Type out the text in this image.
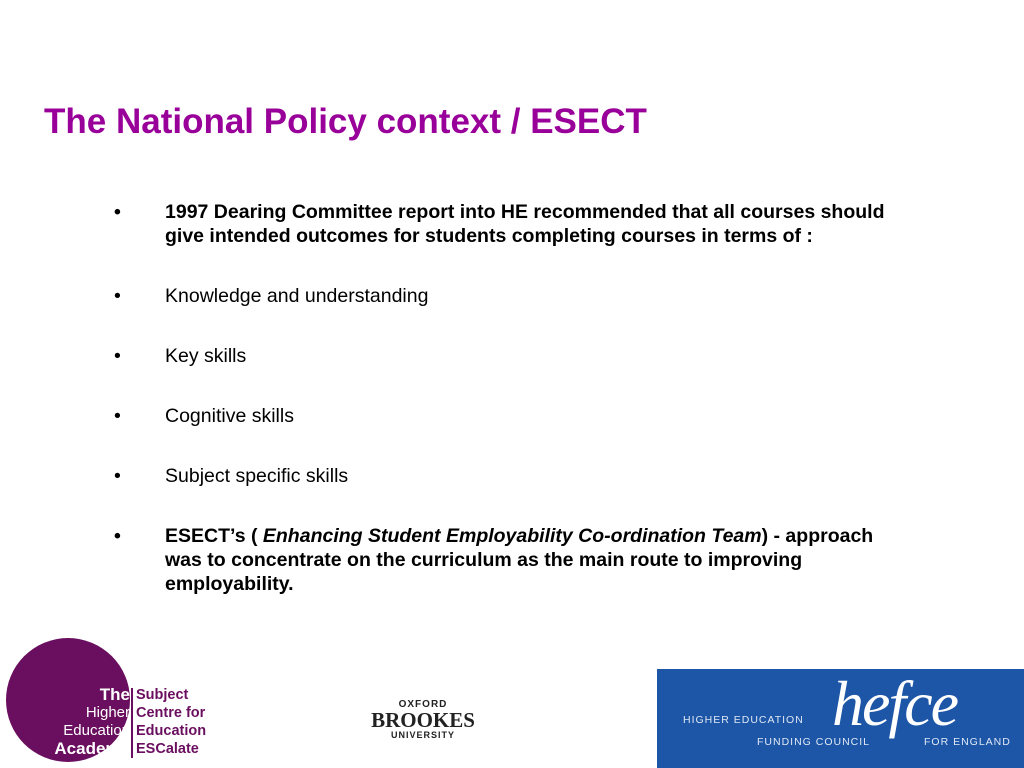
The National Policy context / ESECT
• 1997 Dearing Committee report into HE recommended that all courses should give intended outcomes for students completing courses in terms of :
• Knowledge and understanding
• Key skills
• Cognitive skills
• Subject specific skills
• ESECT’s ( Enhancing Student Employability Co-ordination Team) - approach was to concentrate on the curriculum as the main route to improving employability.
The
Higher
Education
Academy
Subject
Centre for
Education
ESCalate
OXFORD
BROOKES
UNIVERSITY	hefce
HIGHER EDUCATION
FUNDING COUNCIL	FOR ENGLAND
